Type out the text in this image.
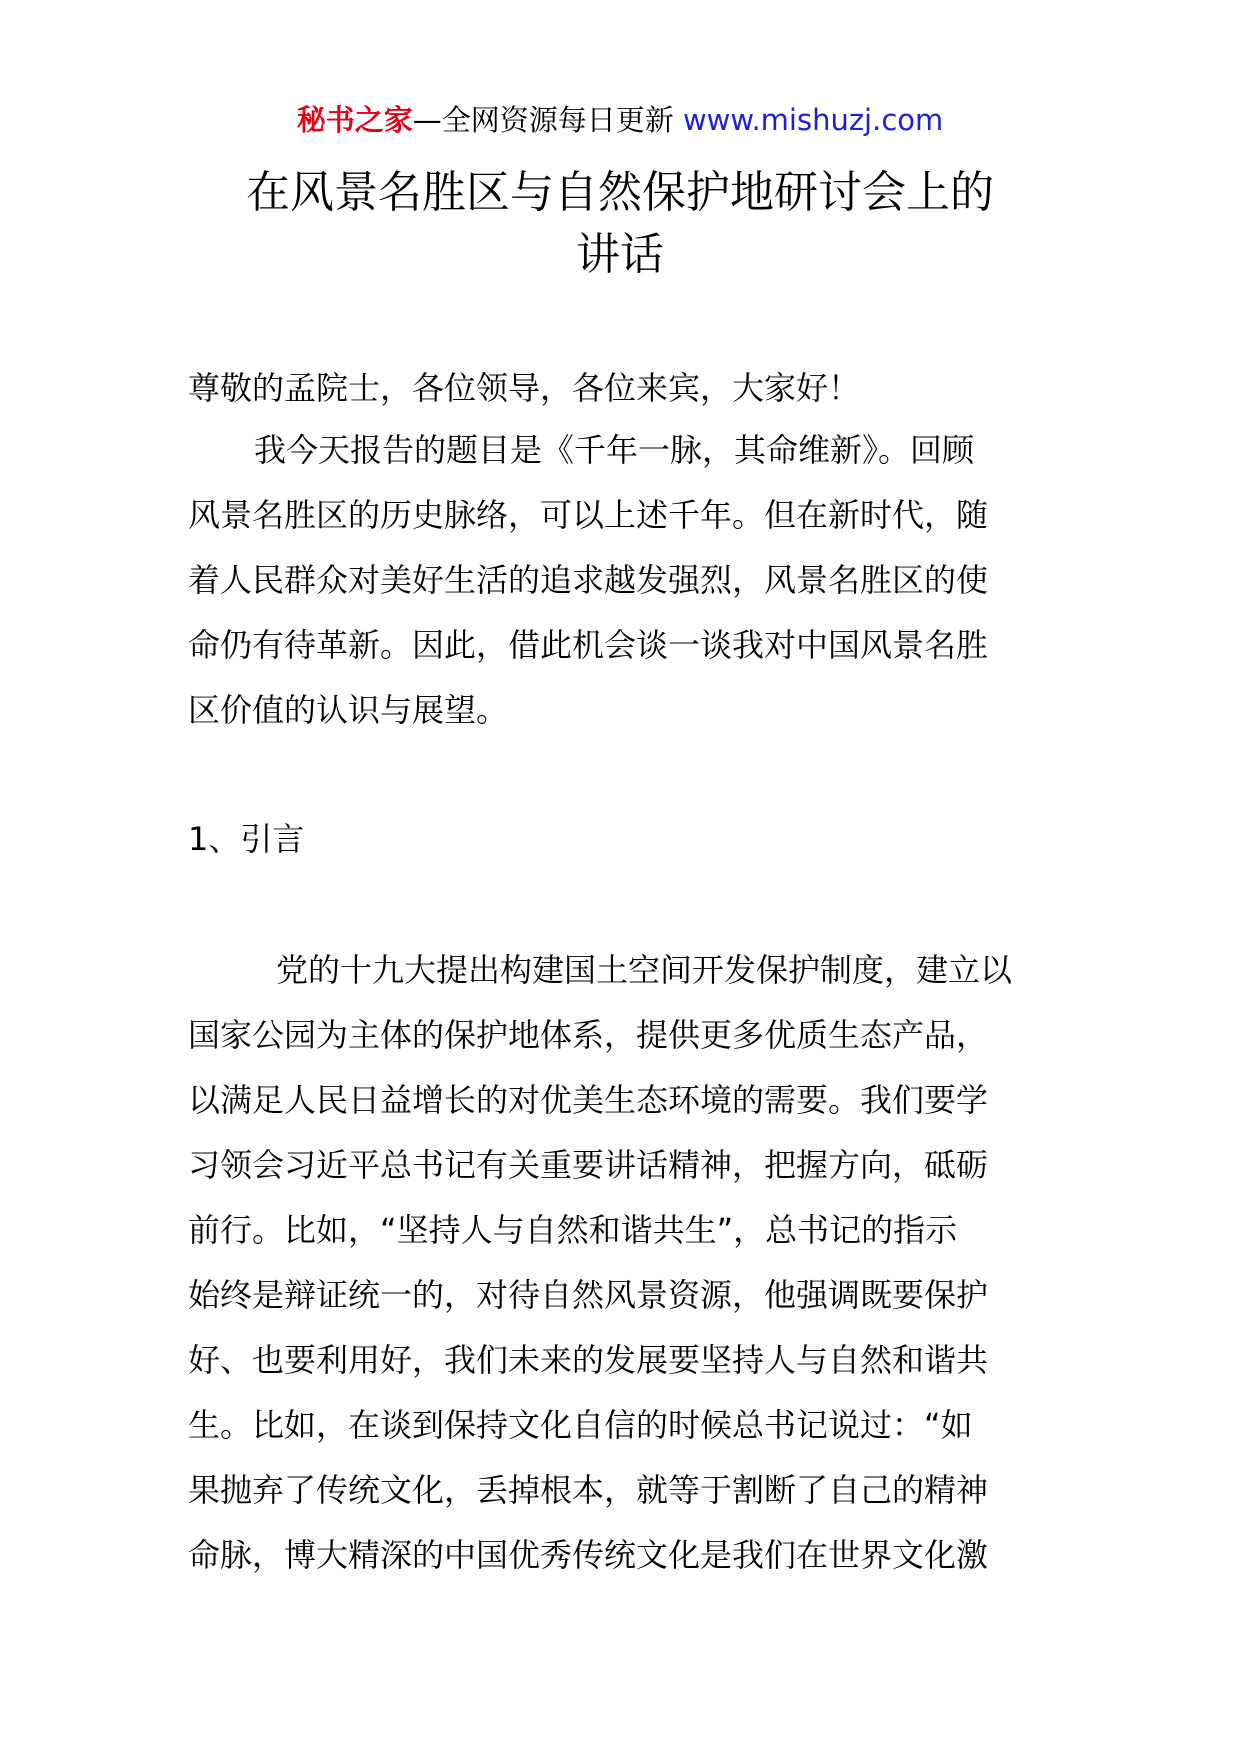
秘书之家—全网资源每日更新 www.mishuzj.com
在风景名胜区与自然保护地研讨会上的
讲话

尊敬的孟院士，各位领导，各位来宾，大家好！

我今天报告的题目是《千年一脉，其命维新》。回顾
风景名胜区的历史脉络，可以上述千年。但在新时代，随
着人民群众对美好生活的追求越发强烈，风景名胜区的使
命仍有待革新。因此，借此机会谈一谈我对中国风景名胜
区价值的认识与展望。

1、引言

党的十九大提出构建国土空间开发保护制度，建立以
国家公园为主体的保护地体系，提供更多优质生态产品，
以满足人民日益增长的对优美生态环境的需要。我们要学
习领会习近平总书记有关重要讲话精神，把握方向，砥砺
前行。比如，“坚持人与自然和谐共生”，总书记的指示
始终是辩证统一的，对待自然风景资源，他强调既要保护
好、也要利用好，我们未来的发展要坚持人与自然和谐共
生。比如，在谈到保持文化自信的时候总书记说过：“如
果抛弃了传统文化，丢掉根本，就等于割断了自己的精神
命脉，博大精深的中国优秀传统文化是我们在世界文化激
